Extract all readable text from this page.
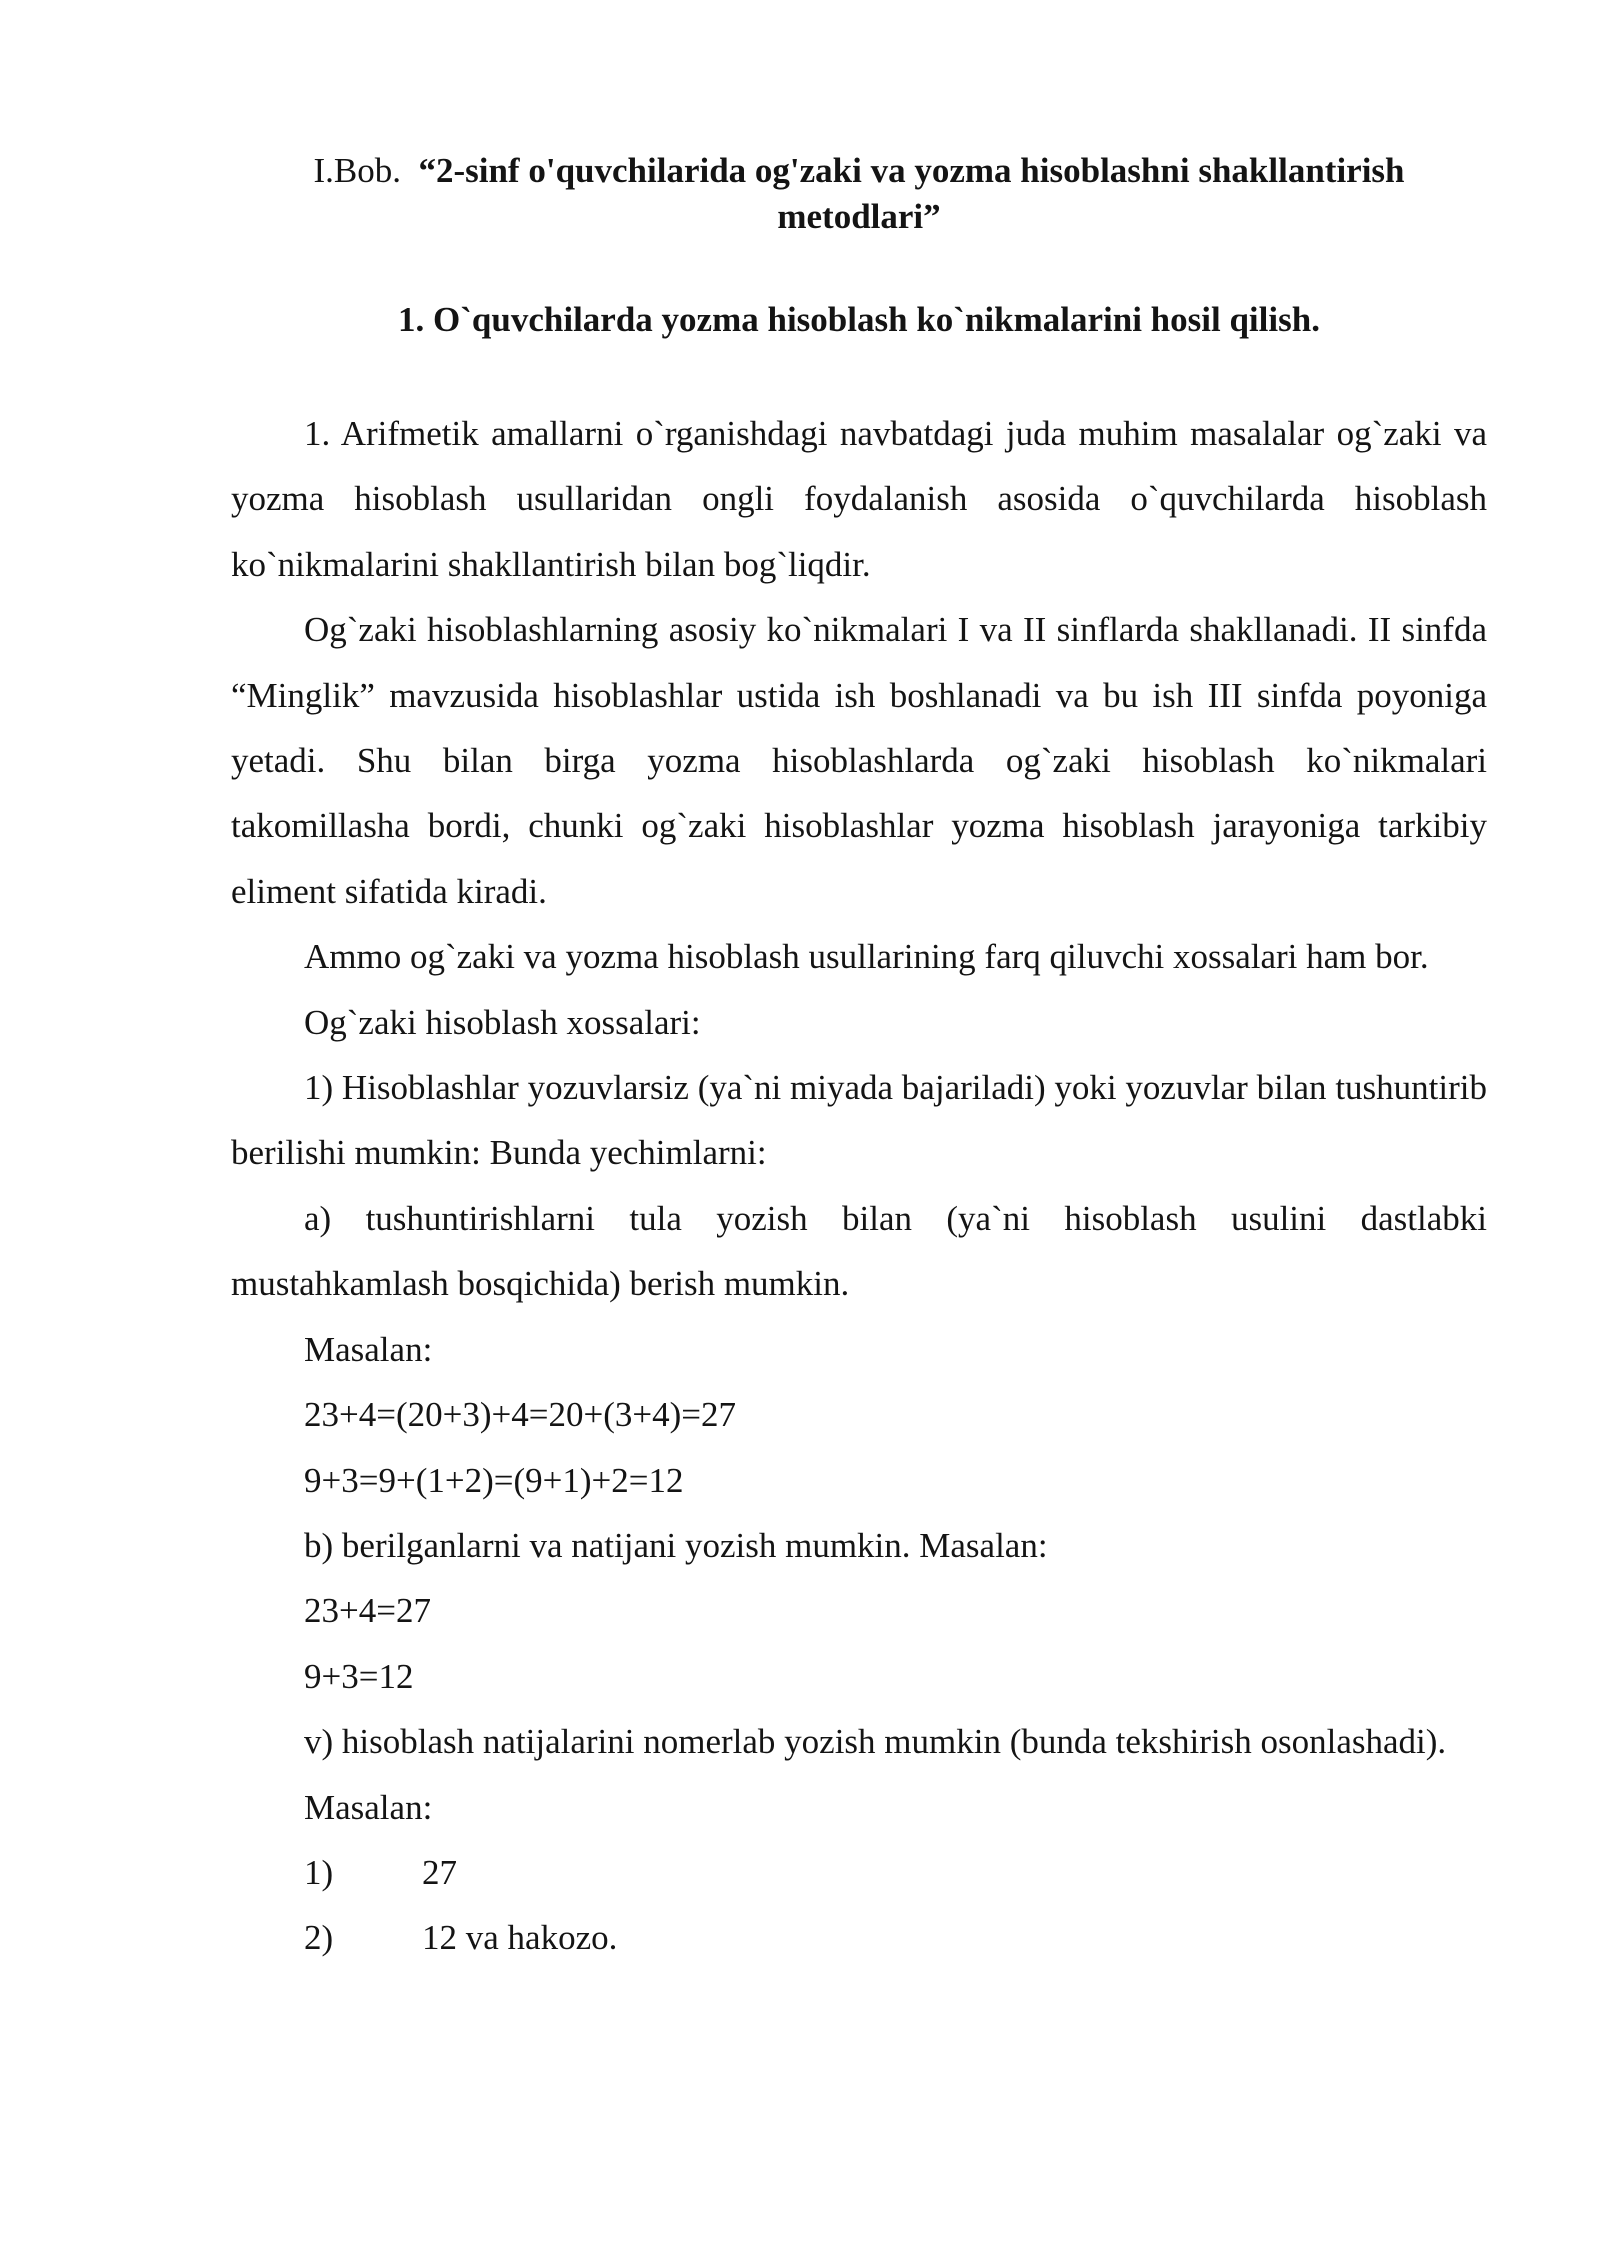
I.Bob. “2-sinf o'quvchilarida og'zaki va yozma hisoblashni shakllantirish
metodlari”
1. O`quvchilarda yozma hisoblash ko`nikmalarini hosil qilish.

1. Arifmetik amallarni o`rganishdagi navbatdagi juda muhim masalalar og`zaki va yozma hisoblash usullaridan ongli foydalanish asosida o`quvchilarda hisoblash ko`nikmalarini shakllantirish bilan bog`liqdir.

Og`zaki hisoblashlarning asosiy ko`nikmalari I va II sinflarda shakllanadi. II sinfda “Minglik” mavzusida hisoblashlar ustida ish boshlanadi va bu ish III sinfda poyoniga yetadi. Shu bilan birga yozma hisoblashlarda og`zaki hisoblash ko`nikmalari takomillasha bordi, chunki og`zaki hisoblashlar yozma hisoblash jarayoniga tarkibiy eliment sifatida kiradi.

Ammo og`zaki va yozma hisoblash usullarining farq qiluvchi xossalari ham bor.

Og`zaki hisoblash xossalari:

1) Hisoblashlar yozuvlarsiz (ya`ni miyada bajariladi) yoki yozuvlar bilan tushuntirib berilishi mumkin: Bunda yechimlarni:

a) tushuntirishlarni tula yozish bilan (ya`ni hisoblash usulini dastlabki mustahkamlash bosqichida) berish mumkin.

Masalan:

23+4=(20+3)+4=20+(3+4)=27

9+3=9+(1+2)=(9+1)+2=12

b) berilganlarni va natijani yozish mumkin. Masalan:

23+4=27

9+3=12

v) hisoblash natijalarini nomerlab yozish mumkin (bunda tekshirish osonlashadi).

Masalan:

1)	27
2)	12 va hakozo.
